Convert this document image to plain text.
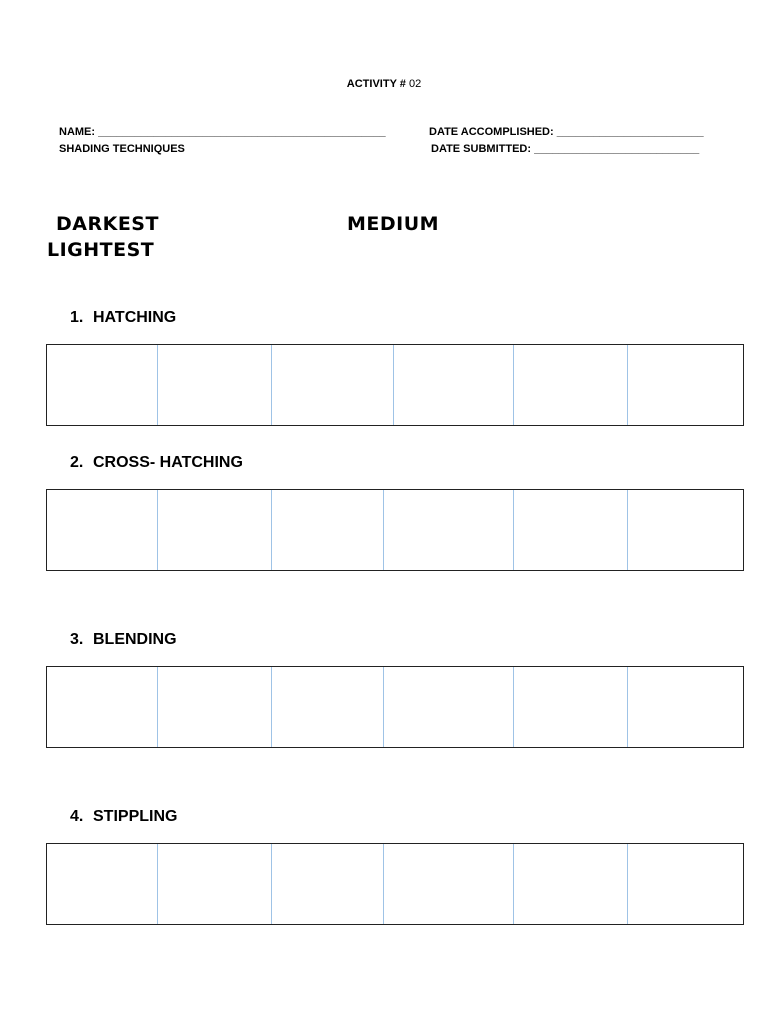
ACTIVITY # 02
NAME: _______________________________________________	DATE ACCOMPLISHED: ________________________
SHADING TECHNIQUES	DATE SUBMITTED: ___________________________
DARKEST	MEDIUM
LIGHTEST
1. HATCHING
2. CROSS- HATCHING
3. BLENDING
4. STIPPLING
